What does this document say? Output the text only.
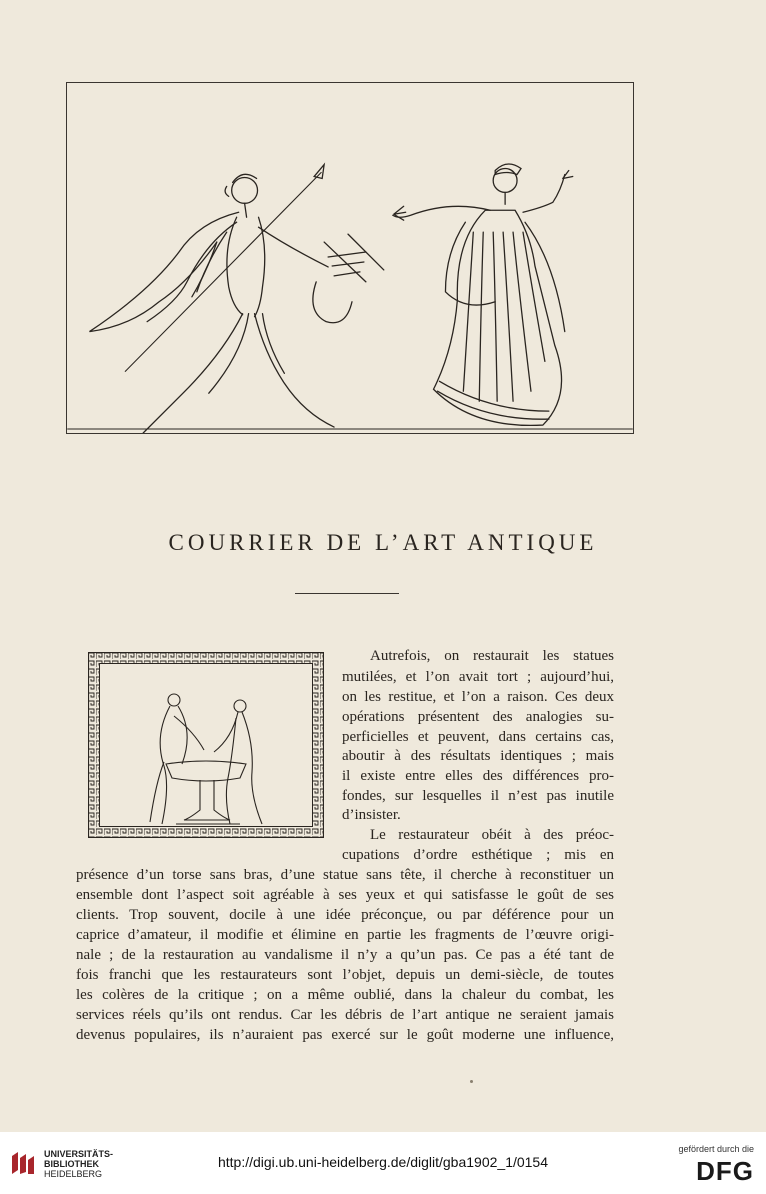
COURRIER DE L’ART ANTIQUE
Autrefois, on restaurait les statues
mutilées, et l’on avait tort ; aujourd’hui,
on les restitue, et l’on a raison. Ces deux
opérations présentent des analogies su-
perficielles et peuvent, dans certains cas,
aboutir à des résultats identiques ; mais
il existe entre elles des différences pro-
fondes, sur lesquelles il n’est pas inutile
d’insister.
Le restaurateur obéit à des préoc-
cupations d’ordre esthétique ; mis en
présence d’un torse sans bras, d’une statue sans tête, il cherche à reconstituer un
ensemble dont l’aspect soit agréable à ses yeux et qui satisfasse le goût de ses
clients. Trop souvent, docile à une idée préconçue, ou par déférence pour un
caprice d’amateur, il modifie et élimine en partie les fragments de l’œuvre origi-
nale ; de la restauration au vandalisme il n’y a qu’un pas. Ce pas a été tant de
fois franchi que les restaurateurs sont l’objet, depuis un demi-siècle, de toutes
les colères de la critique ; on a même oublié, dans la chaleur du combat, les
services réels qu’ils ont rendus. Car les débris de l’art antique ne seraient jamais
devenus populaires, ils n’auraient pas exercé sur le goût moderne une influence,
UNIVERSITÄTS-
BIBLIOTHEK
HEIDELBERG
http://digi.ub.uni-heidelberg.de/diglit/gba1902_1/0154
gefördert durch die
DFG
